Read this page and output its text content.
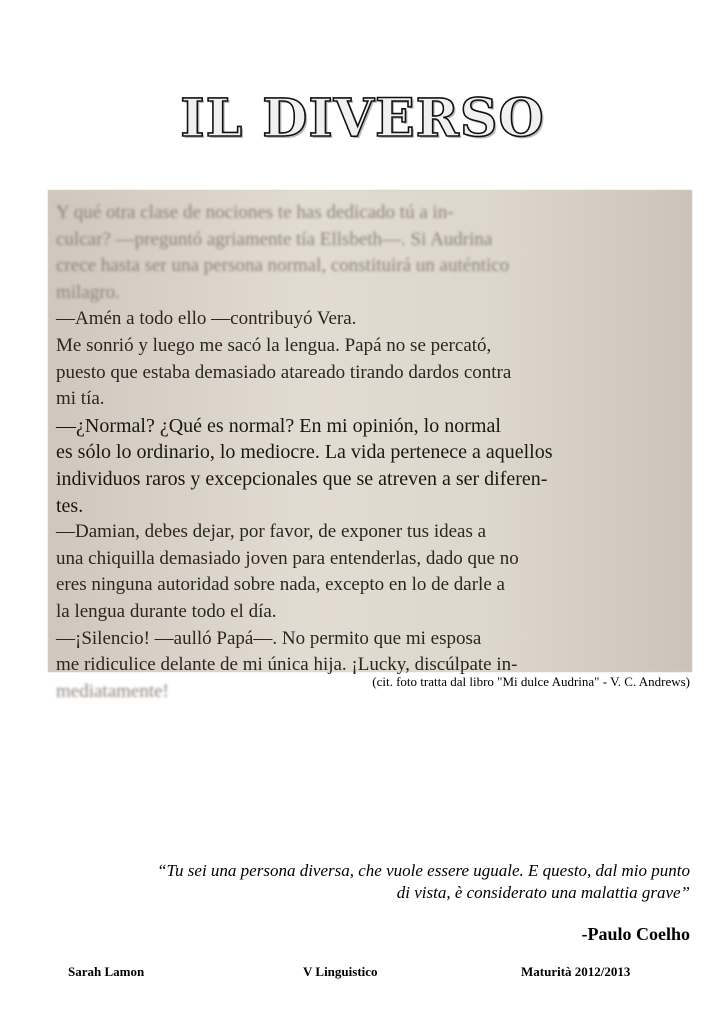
IL DIVERSO
Y qué otra clase de nociones te has dedicado tú a in-
culcar? —preguntó agriamente tía Ellsbeth—. Si Audrina
crece hasta ser una persona normal, constituirá un auténtico
milagro.
—Amén a todo ello —contribuyó Vera.
Me sonrió y luego me sacó la lengua. Papá no se percató,
puesto que estaba demasiado atareado tirando dardos contra
mi tía.
—¿Normal? ¿Qué es normal? En mi opinión, lo normal
es sólo lo ordinario, lo mediocre. La vida pertenece a aquellos
individuos raros y excepcionales que se atreven a ser diferen-
tes.
—Damian, debes dejar, por favor, de exponer tus ideas a
una chiquilla demasiado joven para entenderlas, dado que no
eres ninguna autoridad sobre nada, excepto en lo de darle a
la lengua durante todo el día.
—¡Silencio! —aulló Papá—. No permito que mi esposa
me ridiculice delante de mi única hija. ¡Lucky, discúlpate in-
mediatamente!	(cit. foto tratta dal libro "Mi dulce Audrina" - V. C. Andrews)
“Tu sei una persona diversa, che vuole essere uguale. E questo, dal mio punto
di vista, è considerato una malattia grave”
-Paulo Coelho
Sarah Lamon	V Linguistico	Maturità 2012/2013
